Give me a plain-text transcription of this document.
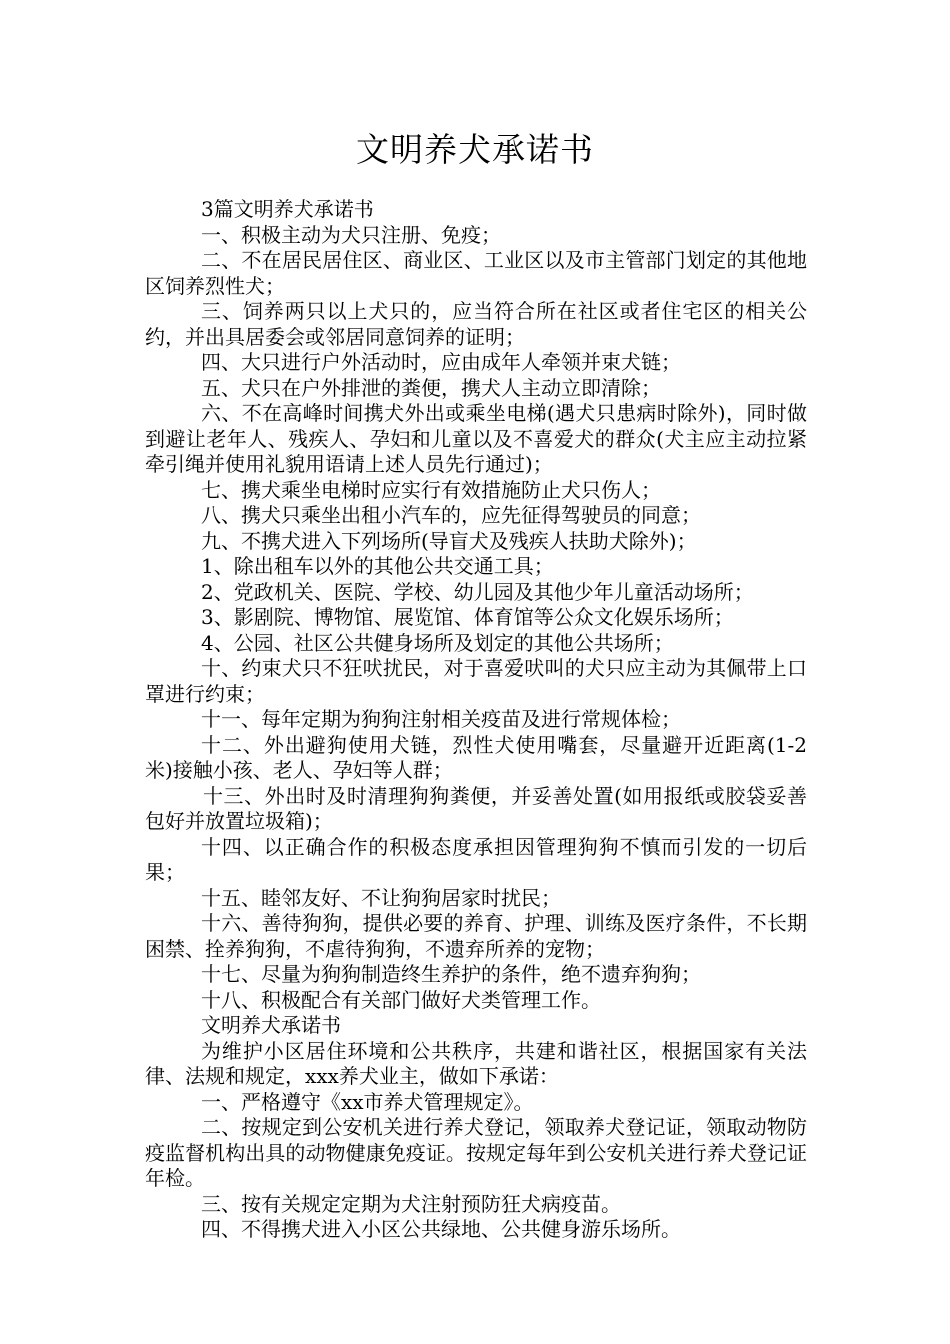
文明养犬承诺书

3篇文明养犬承诺书

一、积极主动为犬只注册、免疫；

二、不在居民居住区、商业区、工业区以及市主管部门划定的其他地区饲养烈性犬；

三、饲养两只以上犬只的，应当符合所在社区或者住宅区的相关公约，并出具居委会或邻居同意饲养的证明；

四、大只进行户外活动时，应由成年人牵领并束犬链；

五、犬只在户外排泄的粪便，携犬人主动立即清除；

六、不在高峰时间携犬外出或乘坐电梯(遇犬只患病时除外)，同时做到避让老年人、残疾人、孕妇和儿童以及不喜爱犬的群众(犬主应主动拉紧牵引绳并使用礼貌用语请上述人员先行通过)；

七、携犬乘坐电梯时应实行有效措施防止犬只伤人；

八、携犬只乘坐出租小汽车的，应先征得驾驶员的同意；

九、不携犬进入下列场所(导盲犬及残疾人扶助犬除外)；

1、除出租车以外的其他公共交通工具；

2、党政机关、医院、学校、幼儿园及其他少年儿童活动场所；

3、影剧院、博物馆、展览馆、体育馆等公众文化娱乐场所；

4、公园、社区公共健身场所及划定的其他公共场所；

十、约束犬只不狂吠扰民，对于喜爱吠叫的犬只应主动为其佩带上口罩进行约束；

十一、每年定期为狗狗注射相关疫苗及进行常规体检；

十二、外出避狗使用犬链，烈性犬使用嘴套，尽量避开近距离(1-2米)接触小孩、老人、孕妇等人群；

十三、外出时及时清理狗狗粪便，并妥善处置(如用报纸或胶袋妥善包好并放置垃圾箱)；

十四、以正确合作的积极态度承担因管理狗狗不慎而引发的一切后果；

十五、睦邻友好、不让狗狗居家时扰民；

十六、善待狗狗，提供必要的养育、护理、训练及医疗条件，不长期困禁、拴养狗狗，不虐待狗狗，不遗弃所养的宠物；

十七、尽量为狗狗制造终生养护的条件，绝不遗弃狗狗；

十八、积极配合有关部门做好犬类管理工作。

文明养犬承诺书

为维护小区居住环境和公共秩序，共建和谐社区，根据国家有关法律、法规和规定，xxx养犬业主，做如下承诺：

一、严格遵守《xx市养犬管理规定》。

二、按规定到公安机关进行养犬登记，领取养犬登记证，领取动物防疫监督机构出具的动物健康免疫证。按规定每年到公安机关进行养犬登记证年检。

三、按有关规定定期为犬注射预防狂犬病疫苗。

四、不得携犬进入小区公共绿地、公共健身游乐场所。
